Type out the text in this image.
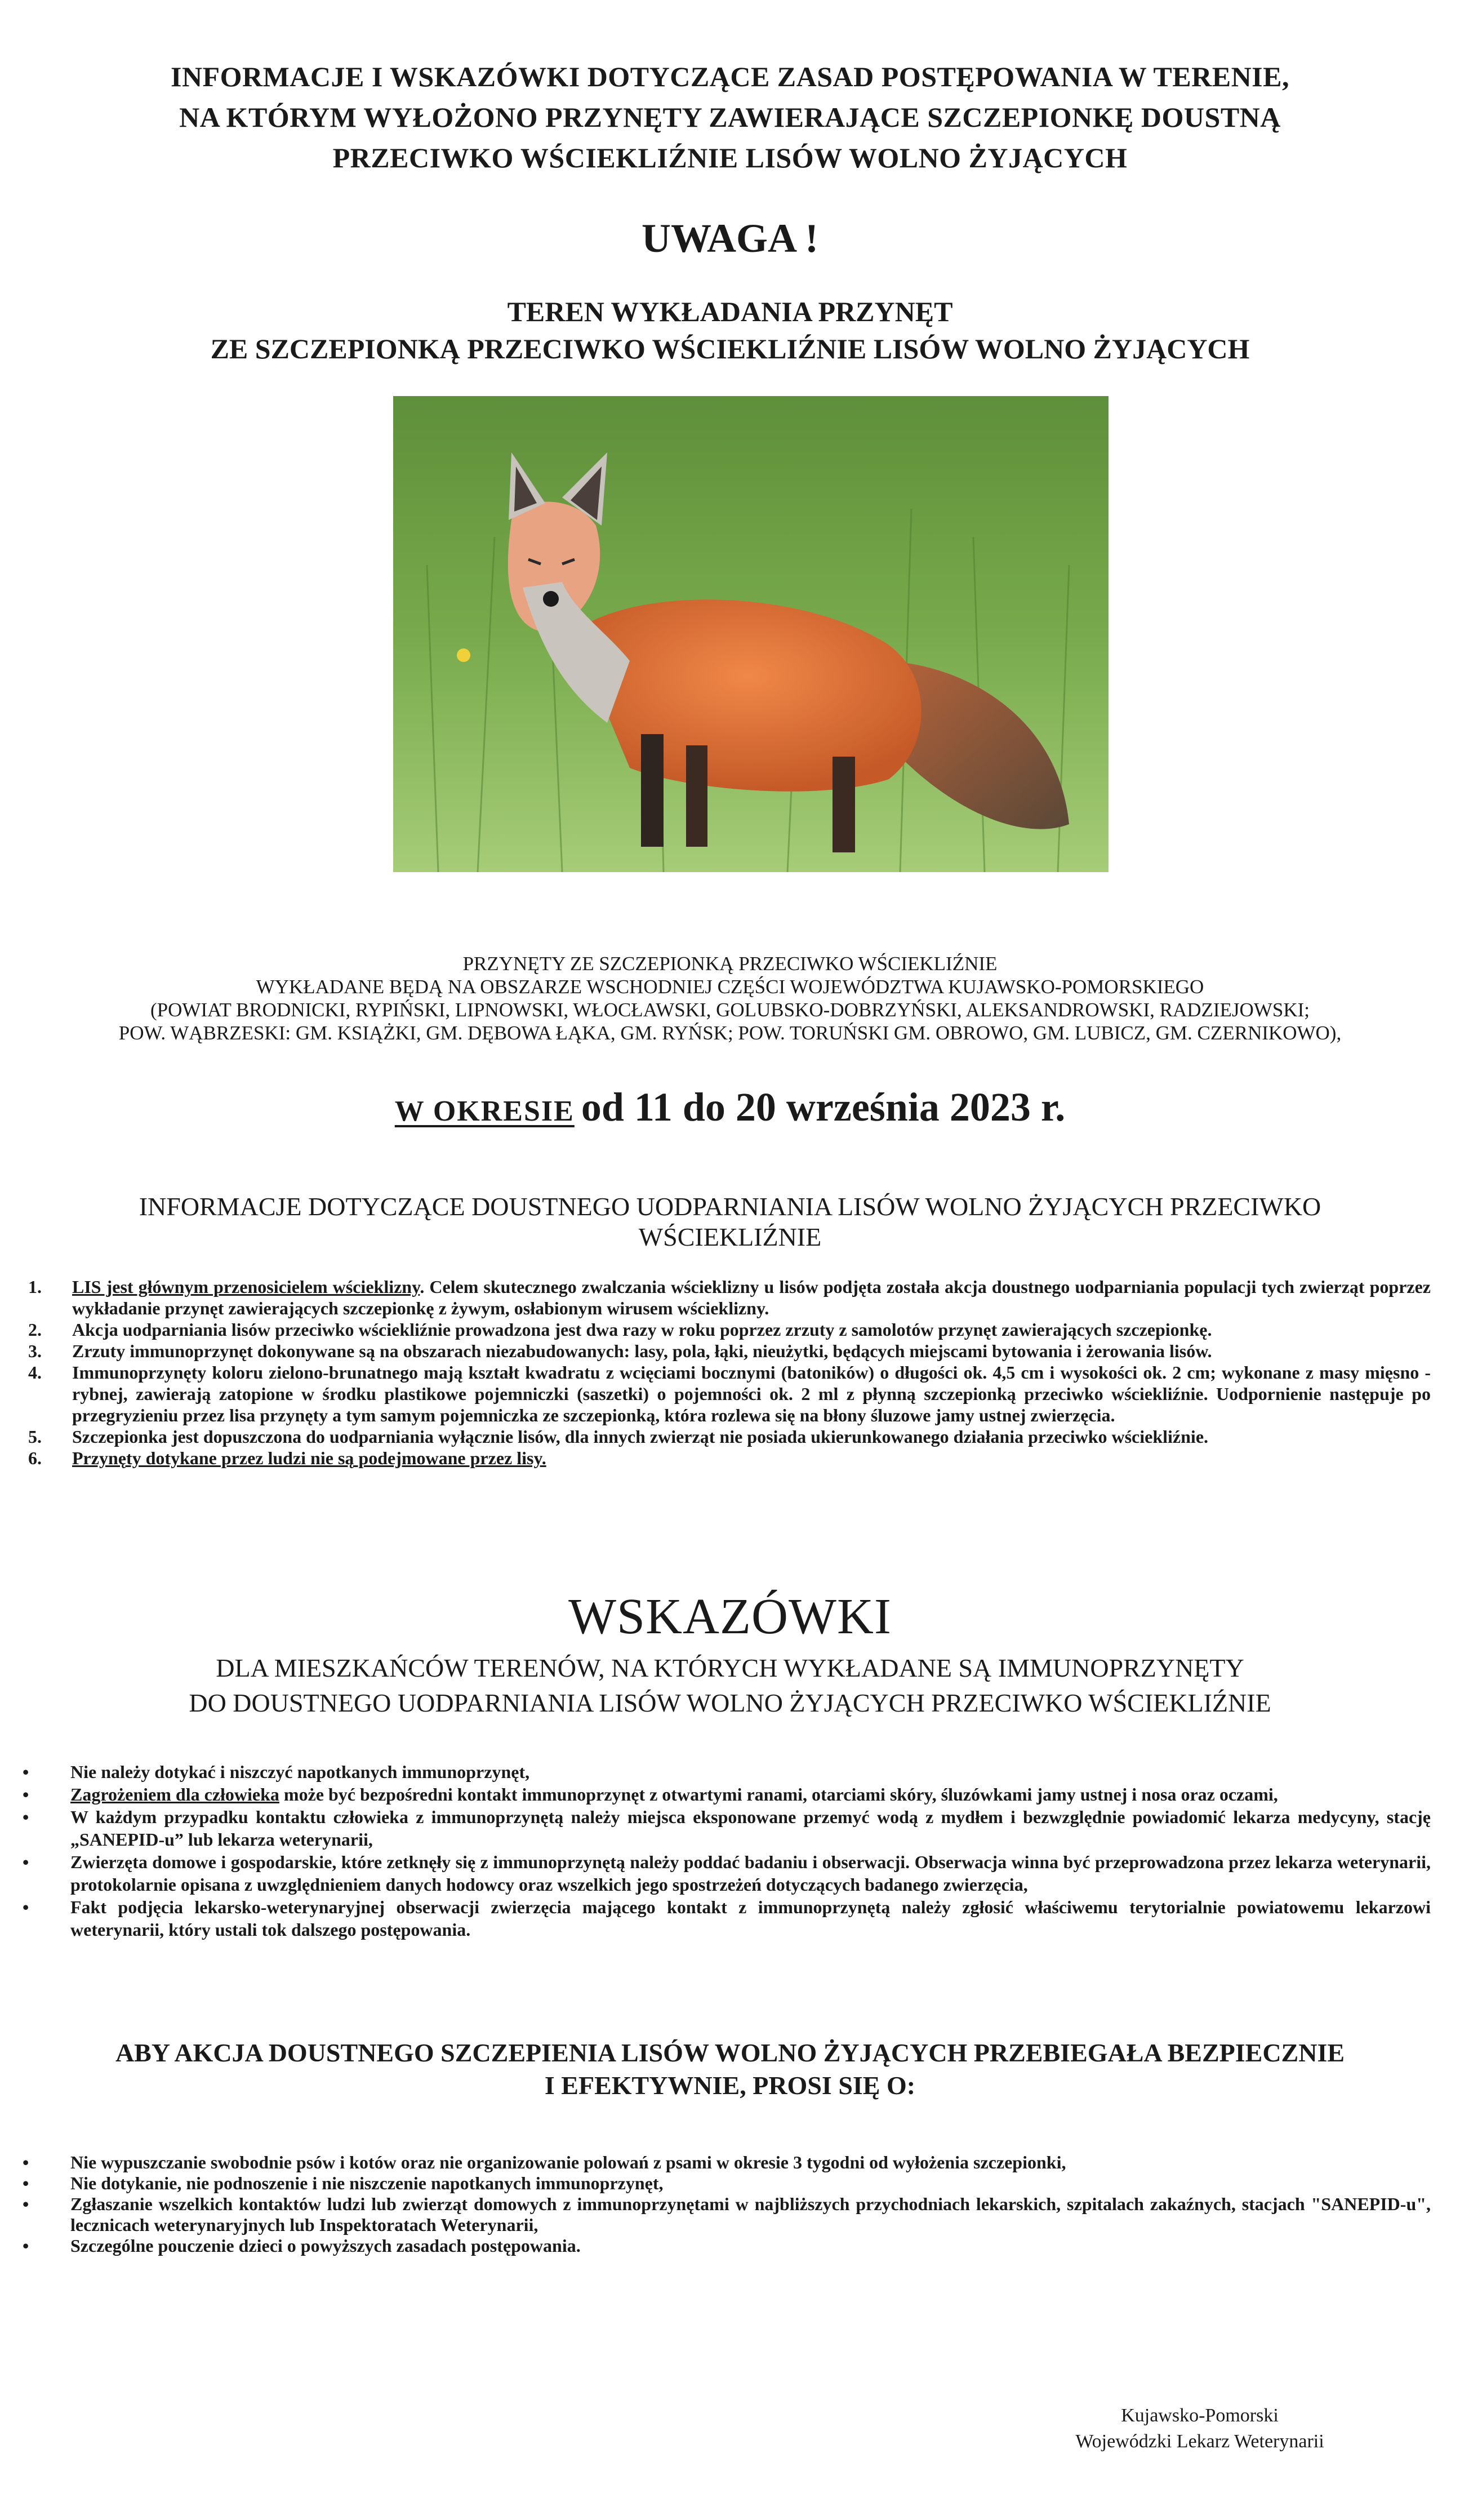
INFORMACJE I WSKAZÓWKI DOTYCZĄCE ZASAD POSTĘPOWANIA W TERENIE,
NA KTÓRYM WYŁOŻONO PRZYNĘTY ZAWIERAJĄCE SZCZEPIONKĘ DOUSTNĄ
PRZECIWKO WŚCIEKLIŹNIE LISÓW WOLNO ŻYJĄCYCH
UWAGA !
TEREN WYKŁADANIA PRZYNĘT
ZE SZCZEPIONKĄ PRZECIWKO WŚCIEKLIŹNIE LISÓW WOLNO ŻYJĄCYCH
PRZYNĘTY ZE SZCZEPIONKĄ PRZECIWKO WŚCIEKLIŹNIE
WYKŁADANE BĘDĄ NA OBSZARZE WSCHODNIEJ CZĘŚCI WOJEWÓDZTWA KUJAWSKO-POMORSKIEGO
(POWIAT BRODNICKI, RYPIŃSKI, LIPNOWSKI, WŁOCŁAWSKI, GOLUBSKO-DOBRZYŃSKI, ALEKSANDROWSKI, RADZIEJOWSKI;
POW. WĄBRZESKI: GM. KSIĄŻKI, GM. DĘBOWA ŁĄKA, GM. RYŃSK; POW. TORUŃSKI GM. OBROWO, GM. LUBICZ, GM. CZERNIKOWO),
W OKRESIE od 11 do 20 września 2023 r.
INFORMACJE DOTYCZĄCE DOUSTNEGO UODPARNIANIA LISÓW WOLNO ŻYJĄCYCH PRZECIWKO
WŚCIEKLIŹNIE
1.	LIS jest głównym przenosicielem wścieklizny. Celem skutecznego zwalczania wścieklizny u lisów podjęta została akcja doustnego uodparniania populacji tych zwierząt poprzez wykładanie przynęt zawierających szczepionkę z żywym, osłabionym wirusem wścieklizny.
2.	Akcja uodparniania lisów przeciwko wściekliźnie prowadzona jest dwa razy w roku poprzez zrzuty z samolotów przynęt zawierających szczepionkę.
3.	Zrzuty immunoprzynęt dokonywane są na obszarach niezabudowanych: lasy, pola, łąki, nieużytki, będących miejscami bytowania i żerowania lisów.
4.	Immunoprzynęty koloru zielono-brunatnego mają kształt kwadratu z wcięciami bocznymi (batoników) o długości ok. 4,5 cm i wysokości ok. 2 cm; wykonane z masy mięsno - rybnej, zawierają zatopione w środku plastikowe pojemniczki (saszetki) o pojemności ok. 2 ml z płynną szczepionką przeciwko wściekliźnie. Uodpornienie następuje po przegryzieniu przez lisa przynęty a tym samym pojemniczka ze szczepionką, która rozlewa się na błony śluzowe jamy ustnej zwierzęcia.
5.	Szczepionka jest dopuszczona do uodparniania wyłącznie lisów, dla innych zwierząt nie posiada ukierunkowanego działania przeciwko wściekliźnie.
6.	Przynęty dotykane przez ludzi nie są podejmowane przez lisy.
WSKAZÓWKI
DLA MIESZKAŃCÓW TERENÓW, NA KTÓRYCH WYKŁADANE SĄ IMMUNOPRZYNĘTY
DO DOUSTNEGO UODPARNIANIA LISÓW WOLNO ŻYJĄCYCH PRZECIWKO WŚCIEKLIŹNIE
•	Nie należy dotykać i niszczyć napotkanych immunoprzynęt,
•	Zagrożeniem dla człowieka może być bezpośredni kontakt immunoprzynęt z otwartymi ranami, otarciami skóry, śluzówkami jamy ustnej i nosa oraz oczami,
•	W każdym przypadku kontaktu człowieka z immunoprzynętą należy miejsca eksponowane przemyć wodą z mydłem i bezwzględnie powiadomić lekarza medycyny, stację „SANEPID-u” lub lekarza weterynarii,
•	Zwierzęta domowe i gospodarskie, które zetknęły się z immunoprzynętą należy poddać badaniu i obserwacji. Obserwacja winna być przeprowadzona przez lekarza weterynarii, protokolarnie opisana z uwzględnieniem danych hodowcy oraz wszelkich jego spostrzeżeń dotyczących badanego zwierzęcia,
•	Fakt podjęcia lekarsko-weterynaryjnej obserwacji zwierzęcia mającego kontakt z immunoprzynętą należy zgłosić właściwemu terytorialnie powiatowemu lekarzowi weterynarii, który ustali tok dalszego postępowania.
ABY AKCJA DOUSTNEGO SZCZEPIENIA LISÓW WOLNO ŻYJĄCYCH PRZEBIEGAŁA BEZPIECZNIE
I EFEKTYWNIE, PROSI SIĘ O:
•	Nie wypuszczanie swobodnie psów i kotów oraz nie organizowanie polowań z psami w okresie 3 tygodni od wyłożenia szczepionki,
•	Nie dotykanie, nie podnoszenie i nie niszczenie napotkanych immunoprzynęt,
•	Zgłaszanie wszelkich kontaktów ludzi lub zwierząt domowych z immunoprzynętami w najbliższych przychodniach lekarskich, szpitalach zakaźnych, stacjach "SANEPID-u", lecznicach weterynaryjnych lub Inspektoratach Weterynarii,
•	Szczególne pouczenie dzieci o powyższych zasadach postępowania.
Kujawsko-Pomorski
Wojewódzki Lekarz Weterynarii
